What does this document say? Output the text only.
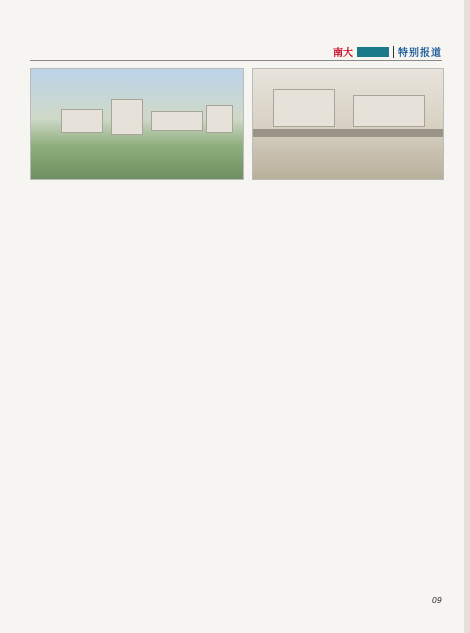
南大	特别报道
09
